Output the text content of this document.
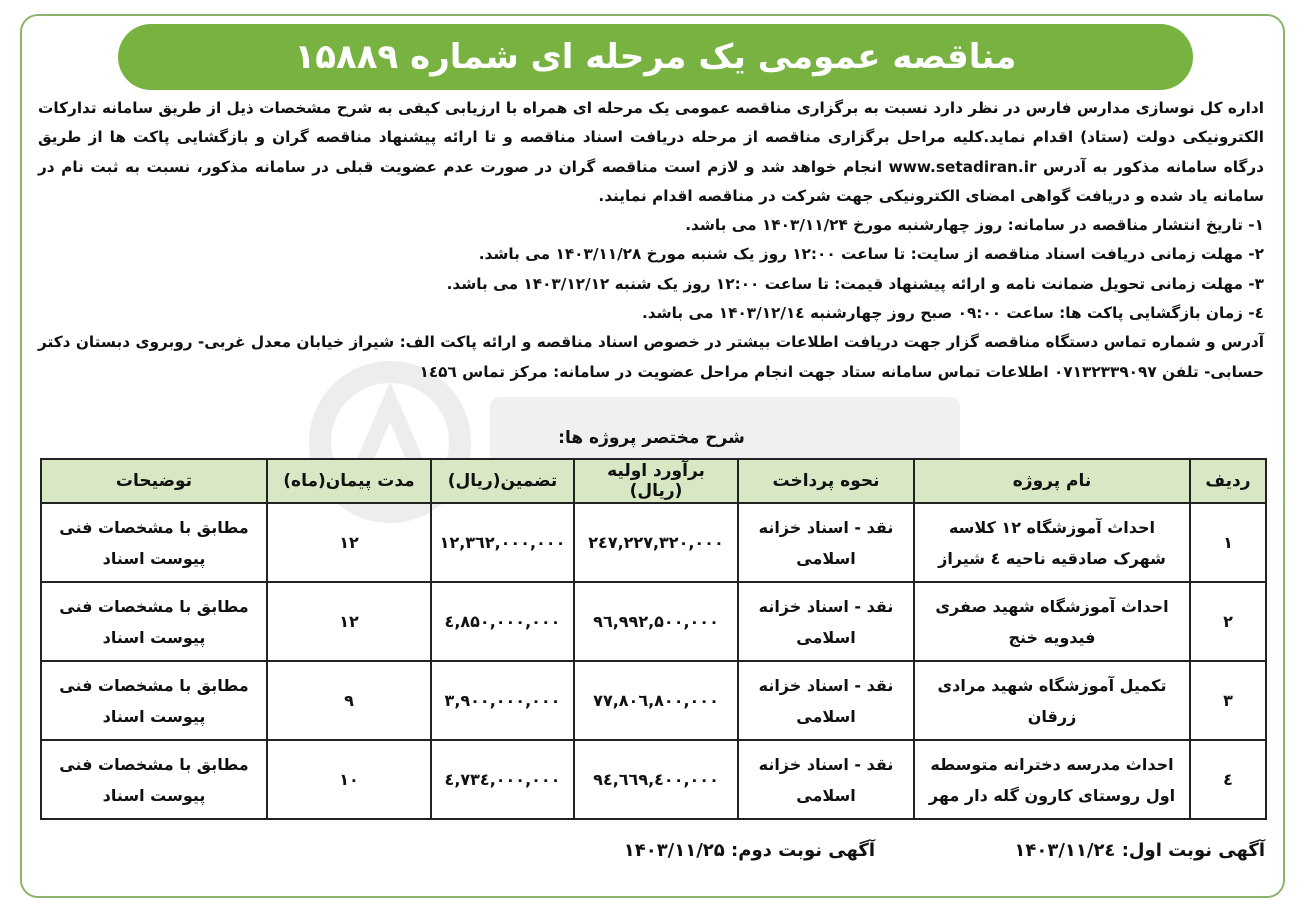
مناقصه عمومی یک مرحله ای شماره ۱۵۸۸۹

اداره کل نوسازی مدارس فارس در نظر دارد نسبت به برگزاری مناقصه عمومی یک مرحله ای همراه با ارزیابی کیفی به شرح مشخصات ذیل از طریق سامانه تدارکات الکترونیکی دولت (ستاد) اقدام نماید.کلیه مراحل برگزاری مناقصه از مرحله دریافت اسناد مناقصه و تا ارائه پیشنهاد مناقصه گران و بازگشایی پاکت ها از طریق درگاه سامانه مذکور به آدرس www.setadiran.ir انجام خواهد شد و لازم است مناقصه گران در صورت عدم عضویت قبلی در سامانه مذکور، نسبت به ثبت نام در سامانه یاد شده و دریافت گواهی امضای الکترونیکی جهت شرکت در مناقصه اقدام نمایند.

۱- تاریخ انتشار مناقصه در سامانه: روز چهارشنبه مورخ ۱۴۰۳/۱۱/۲۴ می باشد.

۲- مهلت زمانی دریافت اسناد مناقصه از سایت: تا ساعت ۱۲:۰۰ روز یک شنبه مورخ ۱۴۰۳/۱۱/۲۸ می باشد.

۳- مهلت زمانی تحویل ضمانت نامه و ارائه پیشنهاد قیمت: تا ساعت ۱۲:۰۰ روز یک شنبه ۱۴۰۳/۱۲/۱۲ می باشد.

٤- زمان بازگشایی پاکت ها: ساعت ۰۹:۰۰ صبح روز چهارشنبه ۱۴۰۳/۱۲/۱٤ می باشد.

آدرس و شماره تماس دستگاه مناقصه گزار جهت دریافت اطلاعات بیشتر در خصوص اسناد مناقصه و ارائه پاکت الف: شیراز خیابان معدل غربی- روبروی دبستان دکتر حسابی- تلفن ۰۷۱۳۲۳۳۹۰۹۷ اطلاعات تماس سامانه ستاد جهت انجام مراحل عضویت در سامانه: مرکز تماس ۱٤۵٦

شرح مختصر پروژه ها:
ردیف	نام پروژه	نحوه پرداخت	برآورد اولیه (ریال)	تضمین(ریال)	مدت پیمان(ماه)	توضیحات
۱	احداث آموزشگاه ۱۲ کلاسه شهرک صادقیه ناحیه ٤ شیراز	نقد - اسناد خزانه اسلامی	۲٤۷,۲۲۷,۳۲۰,۰۰۰	۱۲,۳٦۲,۰۰۰,۰۰۰	۱۲	مطابق با مشخصات فنی پیوست اسناد
۲	احداث آموزشگاه شهید صفری فیدویه خنج	نقد - اسناد خزانه اسلامی	۹٦,۹۹۲,۵۰۰,۰۰۰	٤,۸۵۰,۰۰۰,۰۰۰	۱۲	مطابق با مشخصات فنی پیوست اسناد
۳	تکمیل آموزشگاه شهید مرادی زرقان	نقد - اسناد خزانه اسلامی	۷۷,۸۰٦,۸۰۰,۰۰۰	۳,۹۰۰,۰۰۰,۰۰۰	۹	مطابق با مشخصات فنی پیوست اسناد
٤	احداث مدرسه دخترانه متوسطه اول روستای کارون گله دار مهر	نقد - اسناد خزانه اسلامی	۹٤,٦٦۹,٤۰۰,۰۰۰	٤,۷۳٤,۰۰۰,۰۰۰	۱۰	مطابق با مشخصات فنی پیوست اسناد
آگهی نوبت اول: ۱۴۰۳/۱۱/۲٤
آگهی نوبت دوم: ۱۴۰۳/۱۱/۲۵
